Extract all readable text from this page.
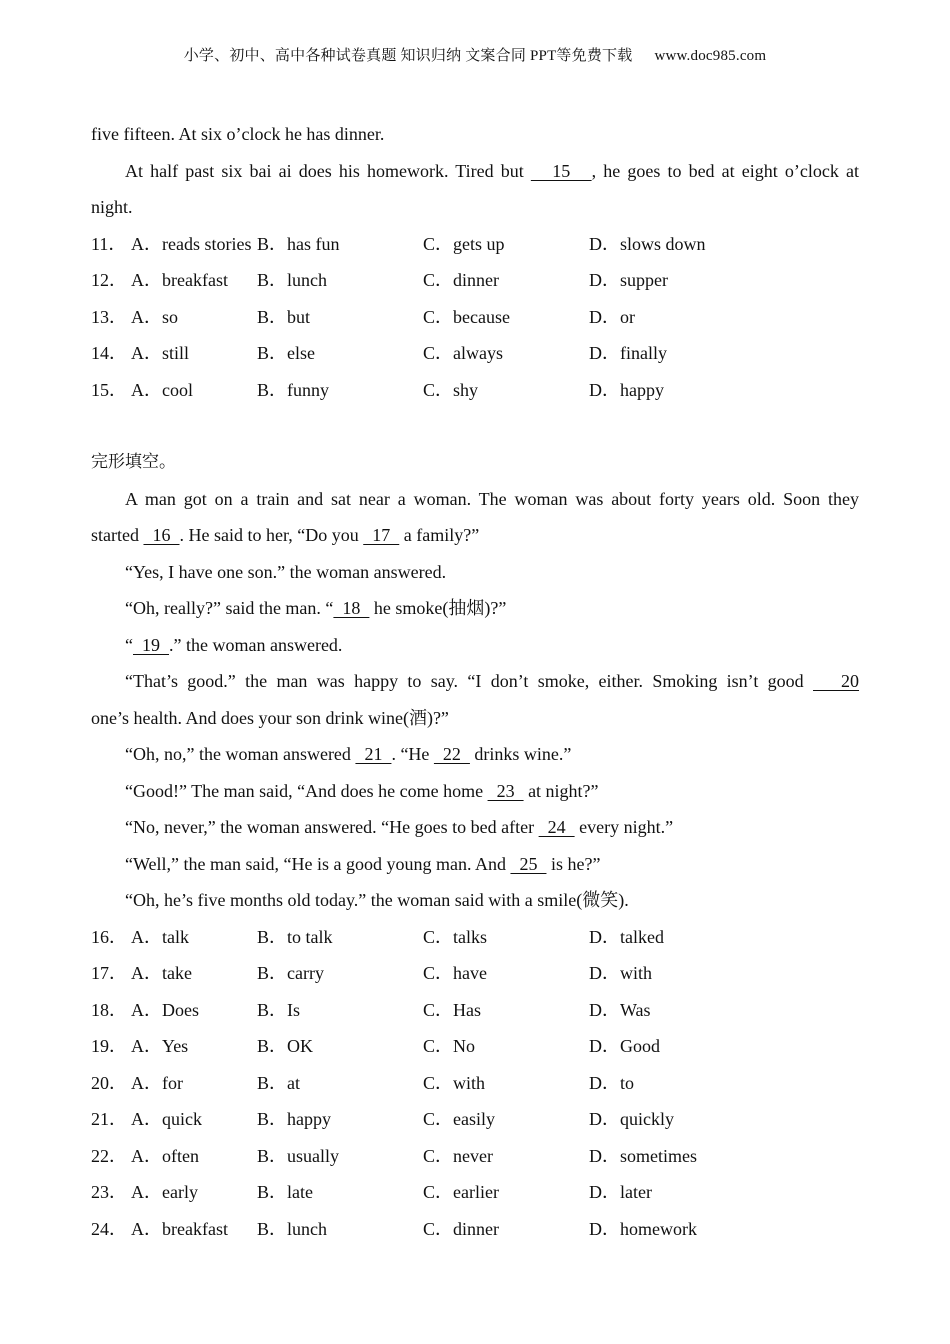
小学、初中、高中各种试卷真题 知识归纳 文案合同 PPT等免费下载 www.doc985.com
five fifteen. At six o’clock he has dinner.
At half past six bai ai does his homework. Tired but    15   , he goes to bed at eight o’clock at
night.
11． A．reads stories B．has fun	C．gets up	D．slows down
12． A．breakfast	B．lunch	C．dinner	D．supper
13． A．so	B．but	C．because	D．or
14． A．still	B．else	C．always	D．finally
15． A．cool	B．funny	C．shy	D．happy
完形填空。
A man got on a train and sat near a woman. The woman was about forty years old. Soon they
started   16  . He said to her, “Do you   17   a family?”
“Yes, I have one son.” the woman answered.
“Oh, really?” said the man. “  18   he smoke(抽烟)?”
“  19  .” the woman answered.
“That’s good.” the man was happy to say. “I don’t smoke, either. Smoking isn’t good    20
one’s health. And does your son drink wine(酒)?”
“Oh, no,” the woman answered   21  . “He   22   drinks wine.”
“Good!” The man said, “And does he come home   23   at night?”
“No, never,” the woman answered. “He goes to bed after   24   every night.”
“Well,” the man said, “He is a good young man. And   25   is he?”
“Oh, he’s five months old today.” the woman said with a smile(微笑).
16． A．talk	B．to talk	C．talks	D．talked
17． A．take	B．carry	C．have	D．with
18． A．Does	B．Is	C．Has	D．Was
19． A．Yes	B．OK	C．No	D．Good
20． A．for	B．at	C．with	D．to
21． A．quick	B．happy	C．easily	D．quickly
22． A．often	B．usually	C．never	D．sometimes
23． A．early	B．late	C．earlier	D．later
24． A．breakfast	B．lunch	C．dinner	D．homework
